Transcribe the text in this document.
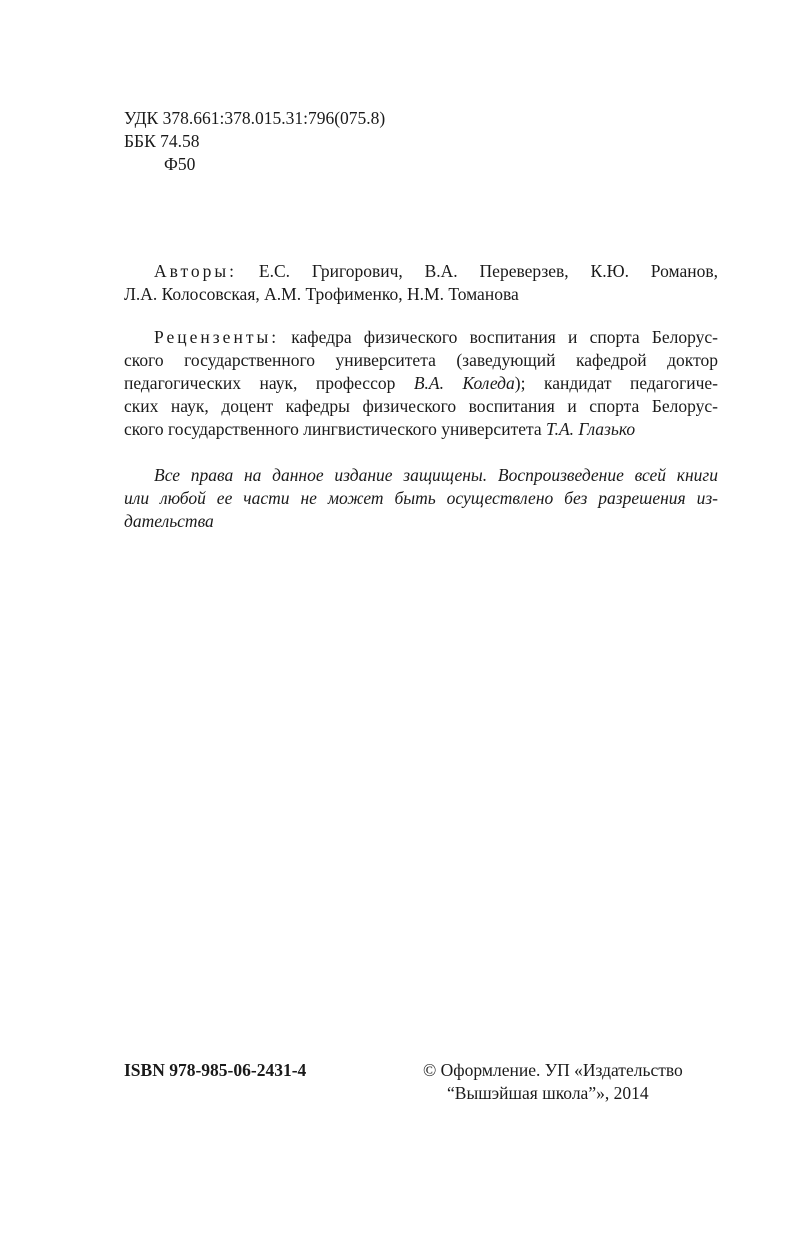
УДК 378.661:378.015.31:796(075.8)
ББК 74.58
Ф50
Авторы: Е.С. Григорович, В.А. Переверзев, К.Ю. Романов,
Л.А. Колосовская, А.М. Трофименко, Н.М. Томанова
Рецензенты: кафедра физического воспитания и спорта Белорус-
ского государственного университета (заведующий кафедрой доктор
педагогических наук, профессор В.А. Коледа); кандидат педагогиче-
ских наук, доцент кафедры физического воспитания и спорта Белорус-
ского государственного лингвистического университета Т.А. Глазько
Все права на данное издание защищены. Воспроизведение всей книги
или любой ее части не может быть осуществлено без разрешения из-
дательства
ISBN 978-985-06-2431-4	© Оформление. УП «Издательство
“Вышэйшая школа”», 2014
